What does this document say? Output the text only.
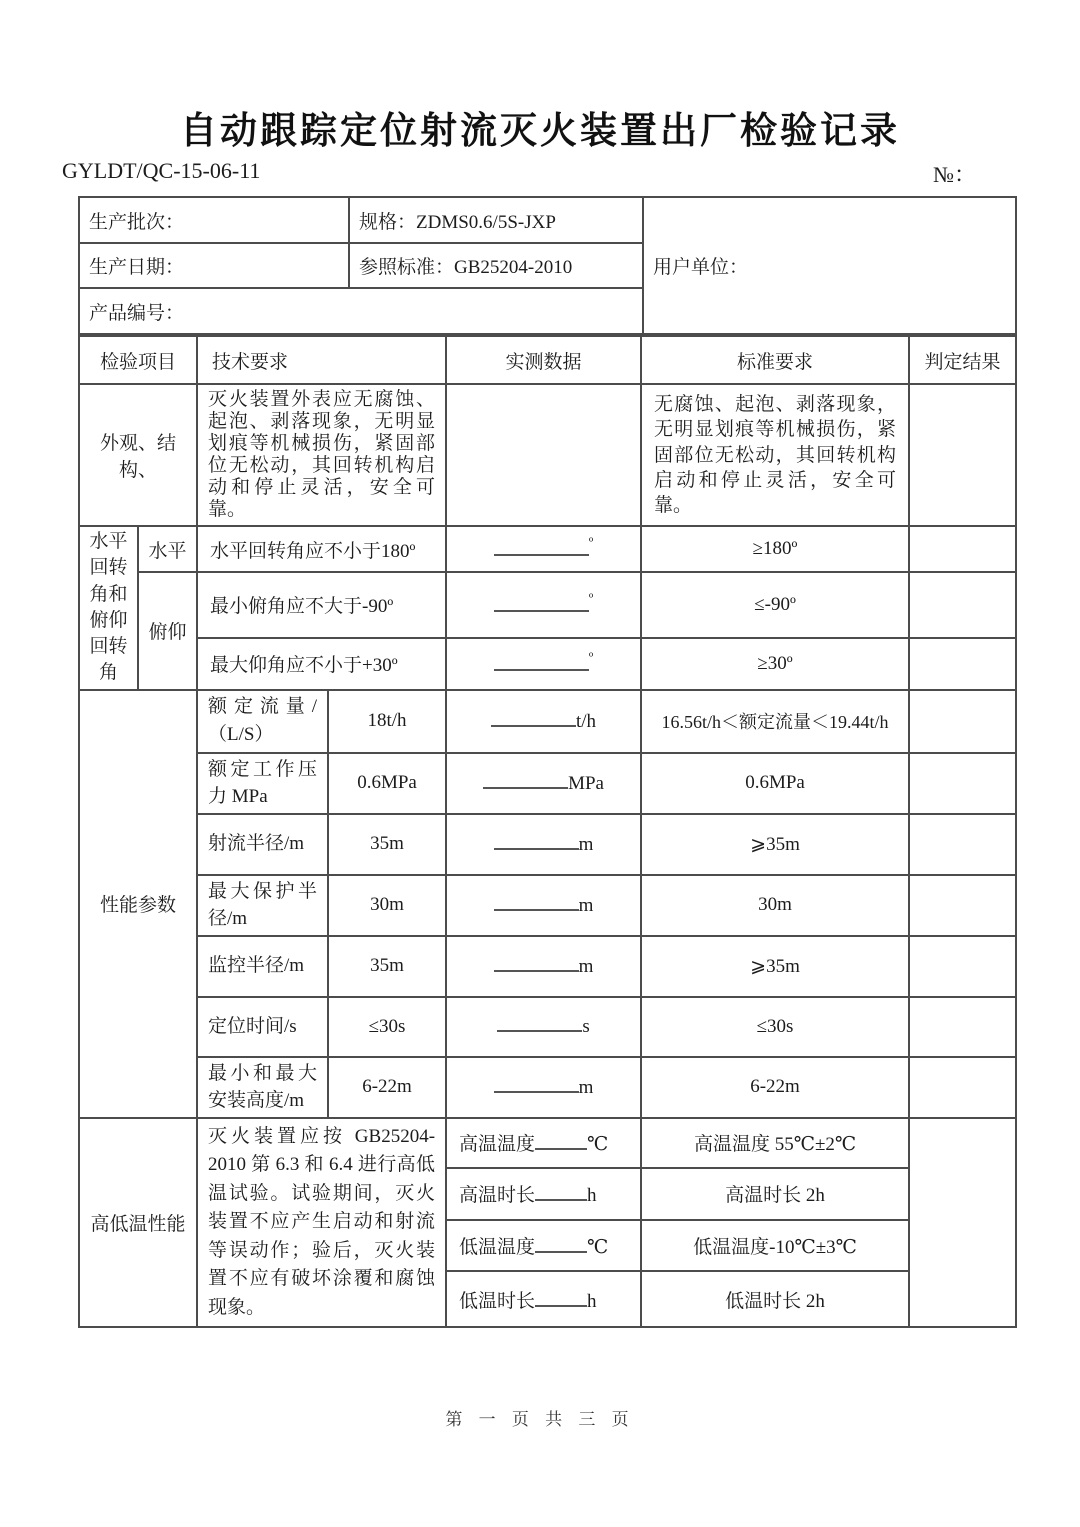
自动跟踪定位射流灭火装置出厂检验记录
GYLDT/QC-15-06-11	№：
生产批次：	规格：ZDMS0.6/5S-JXP	用户单位：
生产日期：	参照标准：GB25204-2010	
产品编号：		
检验项目		技术要求		实测数据	标准要求	判定结果
外观、结构、		灭火装置外表应无腐蚀、起泡、剥落现象，无明显划痕等机械损伤，紧固部位无松动，其回转机构启动和停止灵活，安全可靠。			无腐蚀、起泡、剥落现象，无明显划痕等机械损伤，紧固部位无松动，其回转机构启动和停止灵活，安全可靠。	
水平回转角和俯仰回转角	水平	水平回转角应不小于180º		$^º$	≥180º	
	俯仰	最小俯角应不大于-90º		$^º$	≤-90º	
		最大仰角应不小于+30º		$^º$	≥30º	
性能参数		额定流量/（L/S）	18t/h	t/h	16.56t/h＜额定流量＜19.44t/h	
		额定工作压力 MPa	0.6MPa	MPa	0.6MPa	
		射流半径/m	35m	m	⩾35m	
		最大保护半径/m	30m	m	30m	
		监控半径/m	35m	m	⩾35m	
		定位时间/s	≤30s	s	≤30s	
		最小和最大安装高度/m	6-22m	m	6-22m	
高低温性能		灭火装置应按 GB25204-2010 第 6.3 和 6.4 进行高低温试验。试验期间，灭火装置不应产生启动和射流等误动作；验后，灭火装置不应有破坏涂覆和腐蚀现象。		高温温度 ℃	高温温度 55℃±2℃	
				高温时长 h	高温时长 2h	
				低温温度 ℃	低温温度-10℃±3℃	
				低温时长 h	低温时长 2h	
第 一 页 共 三 页
